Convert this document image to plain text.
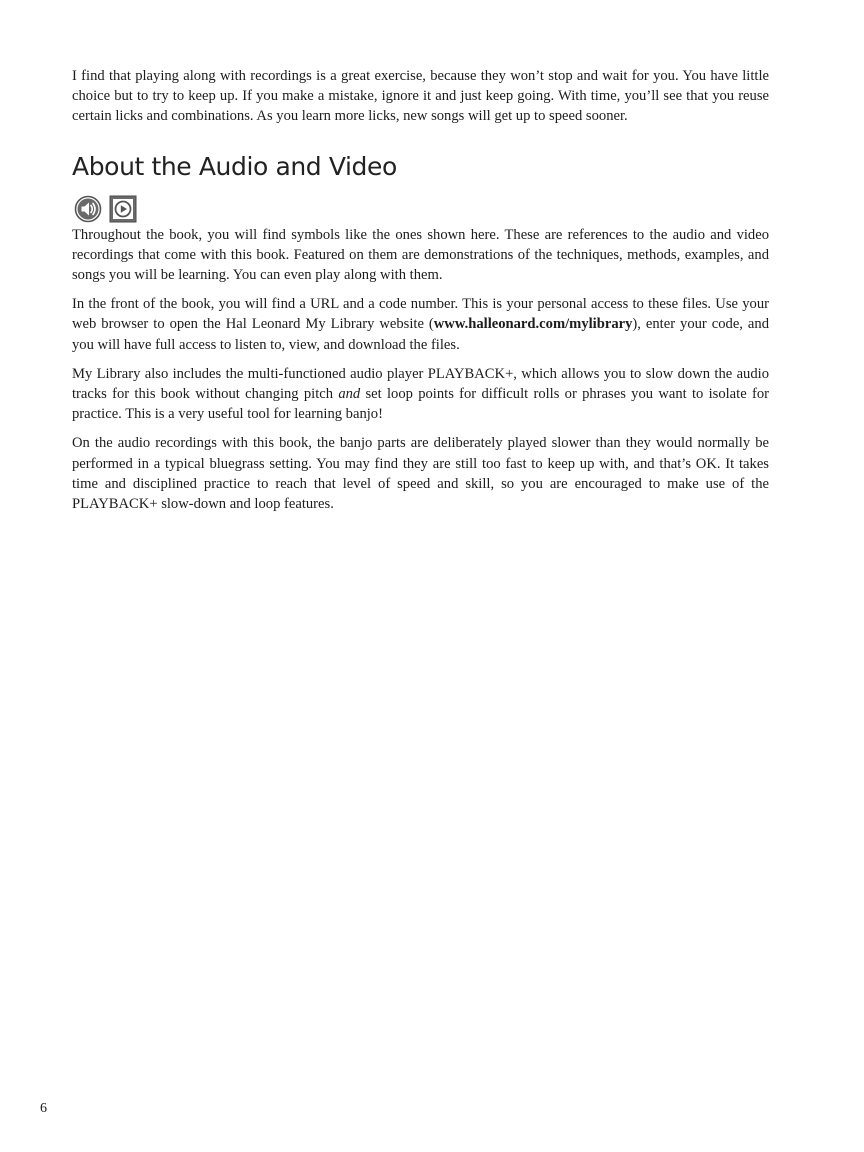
I find that playing along with recordings is a great exercise, because they won’t stop and wait for you. You have little choice but to try to keep up. If you make a mistake, ignore it and just keep going. With time, you’ll see that you reuse certain licks and combinations. As you learn more licks, new songs will get up to speed sooner.

About the Audio and Video

Throughout the book, you will find symbols like the ones shown here. These are references to the audio and video recordings that come with this book. Featured on them are demonstrations of the techniques, methods, examples, and songs you will be learning. You can even play along with them.

In the front of the book, you will find a URL and a code number. This is your personal access to these files. Use your web browser to open the Hal Leonard My Library website (www.halleonard.com/mylibrary), enter your code, and you will have full access to listen to, view, and download the files.

My Library also includes the multi-functioned audio player PLAYBACK+, which allows you to slow down the audio tracks for this book without changing pitch and set loop points for difficult rolls or phrases you want to isolate for practice. This is a very useful tool for learning banjo!

On the audio recordings with this book, the banjo parts are deliberately played slower than they would normally be performed in a typical bluegrass setting. You may find they are still too fast to keep up with, and that’s OK. It takes time and disciplined practice to reach that level of speed and skill, so you are encouraged to make use of the PLAYBACK+ slow-down and loop features.

6
